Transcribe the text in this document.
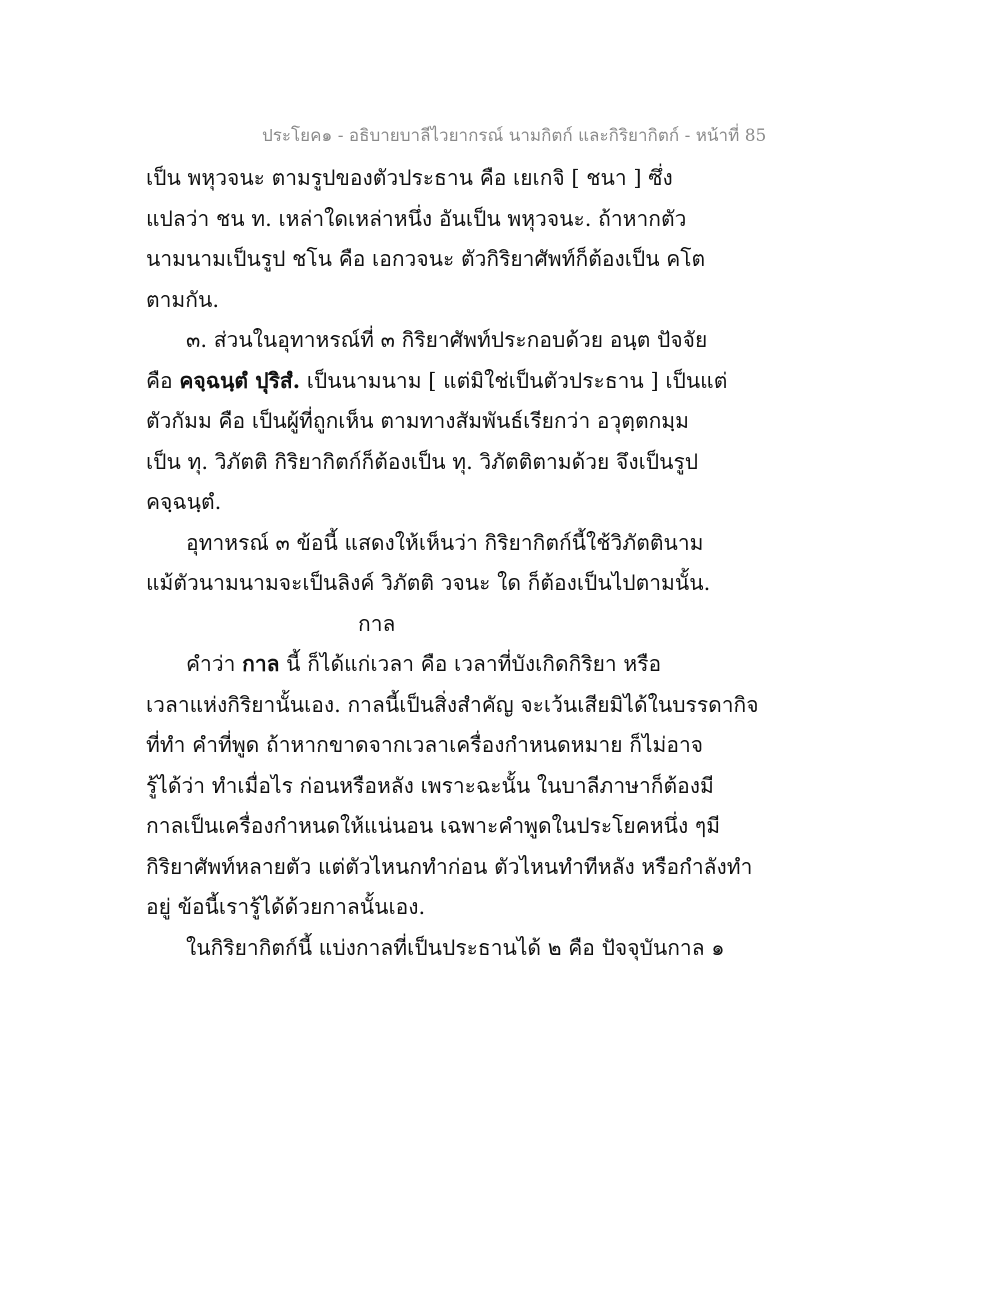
ประโยค๑ - อธิบายบาลีไวยากรณ์ นามกิตก์ และกิริยากิตก์ - หน้าที่ 85
เป็น พหุวจนะ ตามรูปของตัวประธาน คือ เยเกจิ [ ชนา ] ซึ่ง
แปลว่า ชน ท. เหล่าใดเหล่าหนึ่ง อันเป็น พหุวจนะ. ถ้าหากตัว
นามนามเป็นรูป ชโน คือ เอกวจนะ ตัวกิริยาศัพท์ก็ต้องเป็น คโต
ตามกัน.
๓. ส่วนในอุทาหรณ์ที่ ๓ กิริยาศัพท์ประกอบด้วย อนฺต ปัจจัย
คือ คจฺฉนฺตํ ปุริสํ. เป็นนามนาม [ แต่มิใช่เป็นตัวประธาน ] เป็นแต่
ตัวกัมม คือ เป็นผู้ที่ถูกเห็น ตามทางสัมพันธ์เรียกว่า อวุตฺตกมฺม
เป็น ทุ. วิภัตติ กิริยากิตก์ก็ต้องเป็น ทุ. วิภัตติตามด้วย จึงเป็นรูป
คจฺฉนฺตํ.
อุทาหรณ์ ๓ ข้อนี้ แสดงให้เห็นว่า กิริยากิตก์นี้ใช้วิภัตตินาม
แม้ตัวนามนามจะเป็นลิงค์ วิภัตติ วจนะ ใด ก็ต้องเป็นไปตามนั้น.
กาล
คำว่า กาล นี้ ก็ได้แก่เวลา คือ เวลาที่บังเกิดกิริยา หรือ
เวลาแห่งกิริยานั้นเอง. กาลนี้เป็นสิ่งสำคัญ จะเว้นเสียมิได้ในบรรดากิจ
ที่ทำ คำที่พูด ถ้าหากขาดจากเวลาเครื่องกำหนดหมาย ก็ไม่อาจ
รู้ได้ว่า ทำเมื่อไร ก่อนหรือหลัง เพราะฉะนั้น ในบาลีภาษาก็ต้องมี
กาลเป็นเครื่องกำหนดให้แน่นอน เฉพาะคำพูดในประโยคหนึ่ง ๆมี
กิริยาศัพท์หลายตัว แต่ตัวไหนกทำก่อน ตัวไหนทำทีหลัง หรือกำลังทำ
อยู่ ข้อนี้เรารู้ได้ด้วยกาลนั้นเอง.
ในกิริยากิตก์นี้ แบ่งกาลที่เป็นประธานได้ ๒ คือ ปัจจุบันกาล ๑
